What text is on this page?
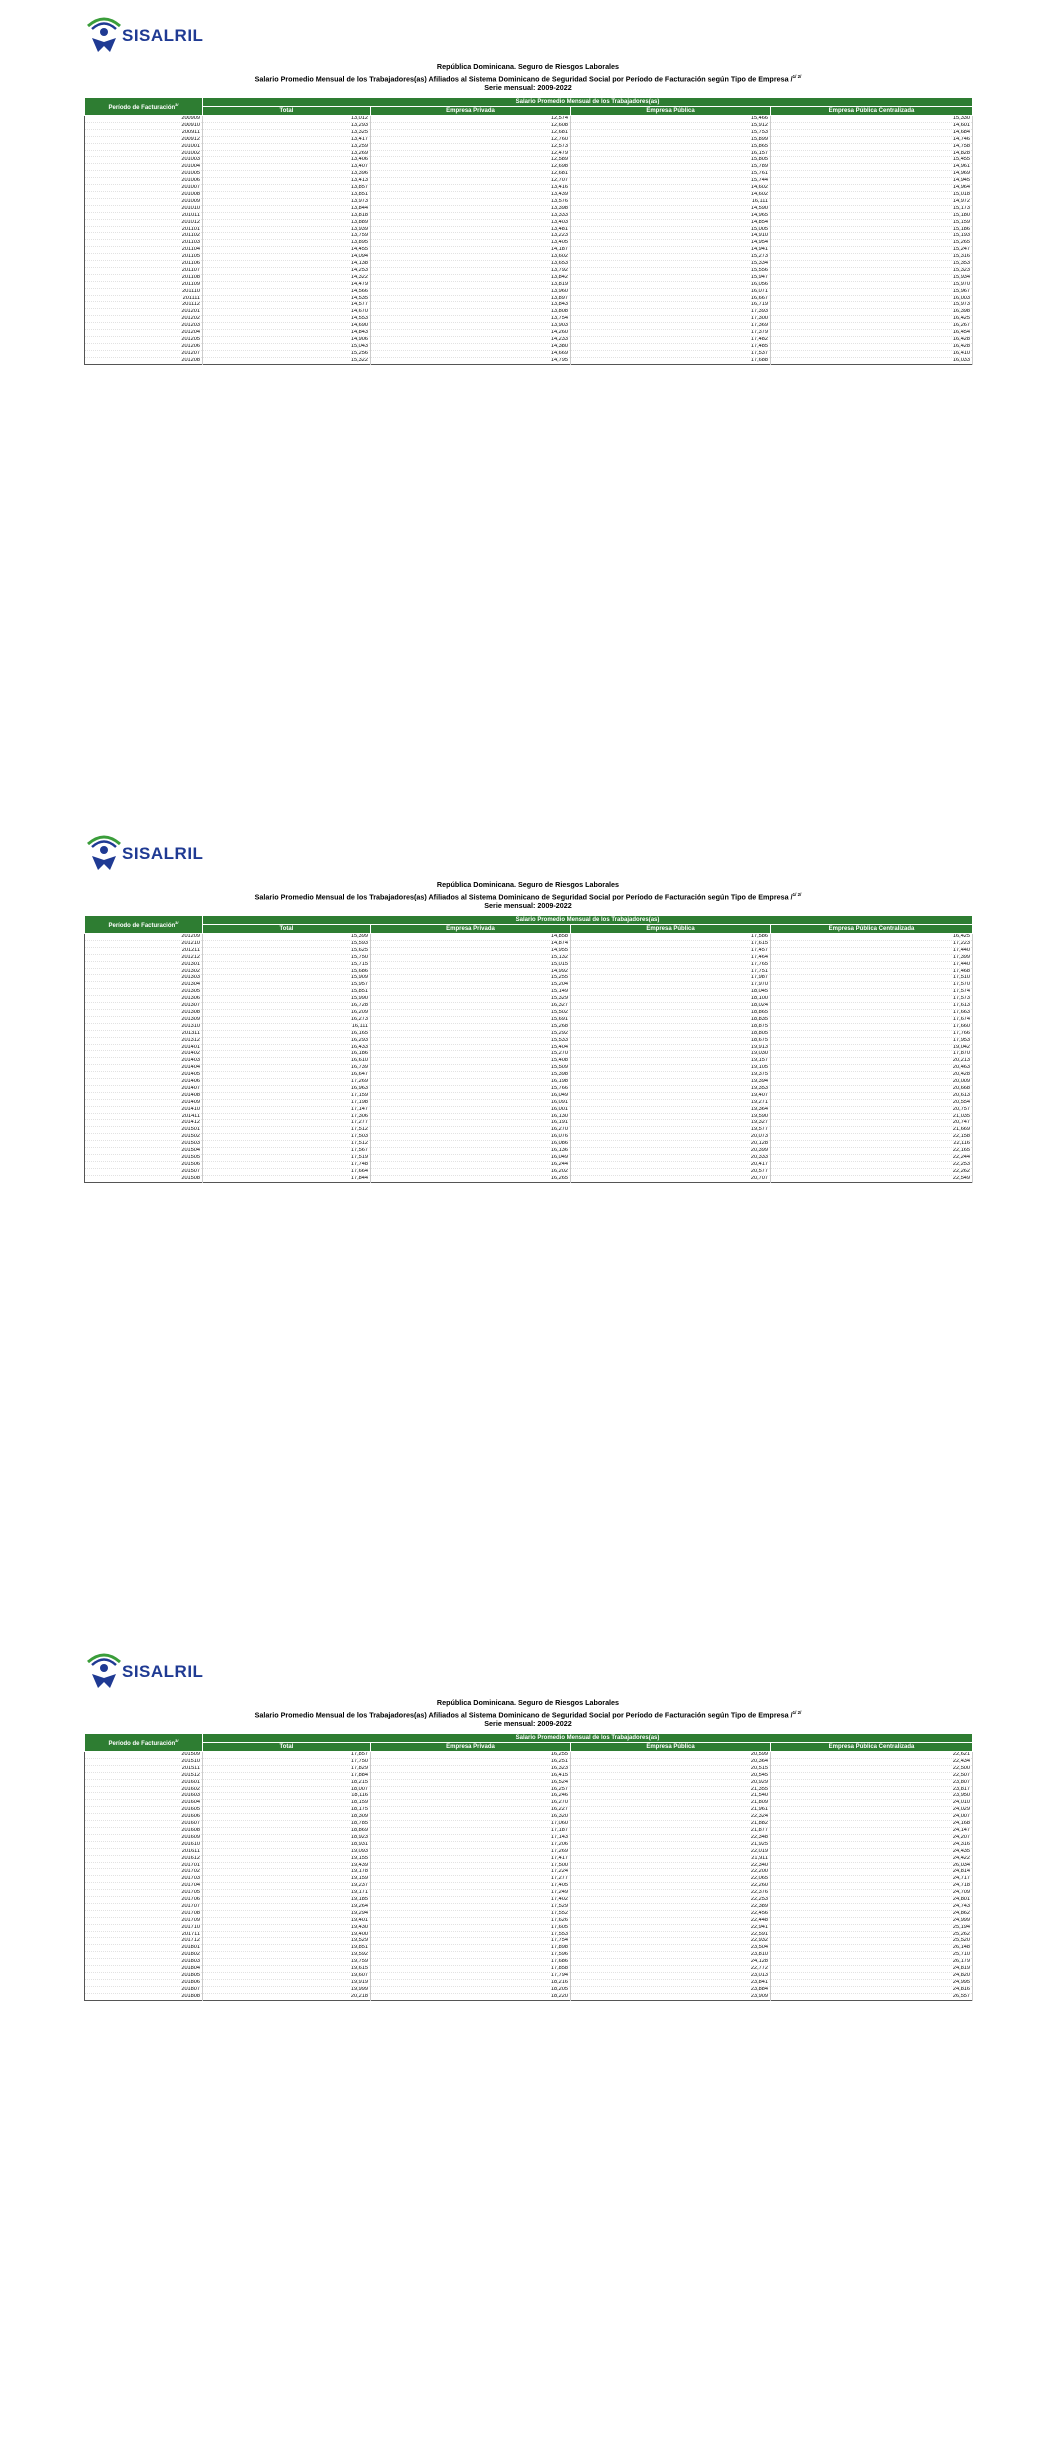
SISALRIL
República Dominicana. Seguro de Riesgos Laborales
Salario Promedio Mensual de los Trabajadores(as) Afiliados al Sistema Dominicano de Seguridad Social por Período de Facturación según Tipo de Empresa /$^{1/ 2/}$
Serie mensual: 2009-2022
Período de Facturación$^{3/}$	Salario Promedio Mensual de los Trabajadores(as)			
	Total	Empresa Privada	Empresa Pública	Empresa Pública Centralizada
200909	13,012	12,574	15,466	15,330
200910	13,293	12,608	15,912	14,601
200911	13,325	12,681	15,753	14,684
200912	13,417	12,760	15,899	14,746
201001	13,259	12,573	15,865	14,758
201002	13,269	12,479	16,157	14,828
201003	13,406	12,589	15,805	15,455
201004	13,407	12,698	15,789	14,961
201005	13,396	12,681	15,761	14,969
201006	13,413	12,707	15,744	14,945
201007	13,857	13,416	14,602	14,964
201008	13,851	13,439	14,602	15,018
201009	13,973	13,576	16,111	14,972
201010	13,844	13,398	14,590	15,173
201011	13,818	13,333	14,965	15,180
201012	13,889	13,403	14,854	15,159
201101	13,939	13,481	15,005	15,186
201102	13,759	13,223	14,910	15,193
201103	13,895	13,405	14,954	15,265
201104	14,455	14,187	14,941	15,247
201105	14,094	13,602	15,273	15,316
201106	14,138	13,653	15,334	15,353
201107	14,253	13,792	15,556	15,323
201108	14,322	13,842	15,947	15,934
201109	14,479	13,819	16,056	15,970
201110	14,566	13,960	16,071	15,967
201111	14,535	13,897	16,667	16,003
201112	14,577	13,843	16,719	15,973
201201	14,670	13,808	17,393	16,398
201202	14,553	13,754	17,300	16,425
201203	14,690	13,903	17,369	16,267
201204	14,843	14,260	17,379	16,454
201205	14,906	14,233	17,482	16,428
201206	15,043	14,380	17,485	16,428
201207	15,256	14,669	17,537	16,410
201208	15,322	14,795	17,688	16,033
SISALRIL
República Dominicana. Seguro de Riesgos Laborales
Salario Promedio Mensual de los Trabajadores(as) Afiliados al Sistema Dominicano de Seguridad Social por Período de Facturación según Tipo de Empresa /$^{1/ 2/}$
Serie mensual: 2009-2022
Período de Facturación$^{3/}$	Salario Promedio Mensual de los Trabajadores(as)			
	Total	Empresa Privada	Empresa Pública	Empresa Pública Centralizada
201209	15,399	14,858	17,586	16,425
201210	15,593	14,874	17,615	17,223
201211	15,625	14,955	17,457	17,440
201212	15,750	15,132	17,464	17,399
201301	15,715	15,015	17,765	17,440
201302	15,686	14,992	17,751	17,468
201303	15,909	15,255	17,987	17,510
201304	15,957	15,204	17,970	17,570
201305	15,851	15,149	18,045	17,574
201306	15,990	15,329	18,100	17,573
201307	16,728	16,327	18,024	17,613
201308	16,209	15,502	18,865	17,663
201309	16,273	15,691	18,835	17,674
201310	16,111	15,268	18,875	17,660
201311	16,165	15,292	18,805	17,766
201312	16,293	15,533	18,675	17,953
201401	16,433	15,404	19,913	19,042
201402	16,186	15,270	19,030	17,870
201403	16,610	15,408	19,157	20,213
201404	16,739	15,509	19,105	20,463
201405	16,647	15,398	19,375	20,428
201406	17,269	16,198	19,394	20,009
201407	16,963	15,766	19,353	20,668
201408	17,159	16,049	19,407	20,613
201409	17,198	16,091	19,271	20,554
201410	17,147	16,001	19,364	20,757
201411	17,306	16,130	19,590	21,035
201412	17,277	16,191	19,327	20,747
201501	17,512	16,270	19,577	21,669
201502	17,503	16,076	20,073	22,158
201503	17,512	16,086	20,128	22,116
201504	17,567	16,136	20,399	22,165
201505	17,519	16,049	20,333	22,244
201506	17,748	16,244	20,417	22,253
201507	17,664	16,202	20,577	22,262
201508	17,844	16,265	20,707	22,549
SISALRIL
República Dominicana. Seguro de Riesgos Laborales
Salario Promedio Mensual de los Trabajadores(as) Afiliados al Sistema Dominicano de Seguridad Social por Período de Facturación según Tipo de Empresa /$^{1/ 2/}$
Serie mensual: 2009-2022
Período de Facturación$^{3/}$	Salario Promedio Mensual de los Trabajadores(as)			
	Total	Empresa Privada	Empresa Pública	Empresa Pública Centralizada
201509	17,857	16,255	20,599	22,621
201510	17,750	16,251	20,364	22,434
201511	17,829	16,323	20,515	22,500
201512	17,884	16,415	20,545	22,507
201601	18,215	16,524	20,929	23,807
201602	18,007	16,257	21,355	23,817
201603	18,116	16,246	21,540	23,950
201604	18,159	16,270	21,809	24,010
201605	18,175	16,227	21,961	24,029
201606	18,309	16,320	22,324	24,007
201607	18,785	17,060	21,882	24,168
201608	18,869	17,187	21,877	24,147
201609	18,923	17,143	22,348	24,207
201610	18,931	17,206	21,925	24,316
201611	19,093	17,269	22,019	24,435
201612	19,155	17,417	21,911	24,422
201701	19,439	17,500	22,340	26,034
201702	19,178	17,224	22,200	24,814
201703	19,159	17,277	22,065	24,717
201704	19,237	17,405	22,260	24,718
201705	19,171	17,249	22,376	24,709
201706	19,185	17,402	22,253	24,801
201707	19,264	17,529	22,389	24,743
201708	19,294	17,552	22,456	24,862
201709	19,401	17,626	22,448	24,999
201710	19,430	17,605	22,941	25,194
201711	19,400	17,553	22,591	25,262
201712	19,529	17,754	22,932	25,520
201801	19,851	17,898	23,504	26,148
201802	19,592	17,596	23,810	25,710
201803	19,759	17,686	24,128	26,179
201804	19,615	17,858	22,772	24,819
201805	19,607	17,794	23,013	24,820
201806	19,919	18,216	23,841	24,995
201807	19,999	18,205	23,884	24,816
201808	20,218	18,220	23,909	26,557
